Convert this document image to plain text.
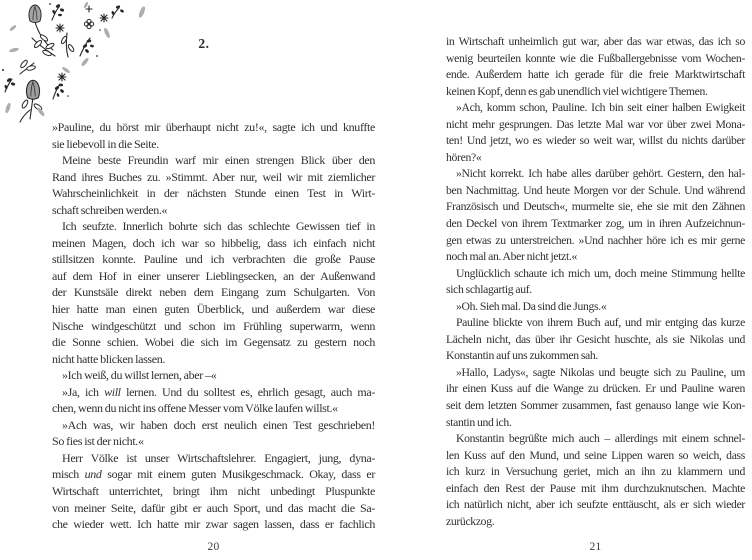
2.
»Pauline, du hörst mir überhaupt nicht zu!«, sagte ich und knuffte
sie liebevoll in die Seite.
Meine beste Freundin warf mir einen strengen Blick über den
Rand ihres Buches zu. »Stimmt. Aber nur, weil wir mit ziemlicher
Wahrscheinlichkeit in der nächsten Stunde einen Test in Wirt-
schaft schreiben werden.«
Ich seufzte. Innerlich bohrte sich das schlechte Gewissen tief in
meinen Magen, doch ich war so hibbelig, dass ich einfach nicht
stillsitzen konnte. Pauline und ich verbrachten die große Pause
auf dem Hof in einer unserer Lieblingsecken, an der Außenwand
der Kunstsäle direkt neben dem Eingang zum Schulgarten. Von
hier hatte man einen guten Überblick, und außerdem war diese
Nische windgeschützt und schon im Frühling superwarm, wenn
die Sonne schien. Wobei die sich im Gegensatz zu gestern noch
nicht hatte blicken lassen.
»Ich weiß, du willst lernen, aber –«
»Ja, ich will lernen. Und du solltest es, ehrlich gesagt, auch ma-
chen, wenn du nicht ins offene Messer vom Völke laufen willst.«
»Ach was, wir haben doch erst neulich einen Test geschrieben!
So fies ist der nicht.«
Herr Völke ist unser Wirtschaftslehrer. Engagiert, jung, dyna-
misch und sogar mit einem guten Musikgeschmack. Okay, dass er
Wirtschaft unterrichtet, bringt ihm nicht unbedingt Pluspunkte
von meiner Seite, dafür gibt er auch Sport, und das macht die Sa-
che wieder wett. Ich hatte mir zwar sagen lassen, dass er fachlich
20
in Wirtschaft unheimlich gut war, aber das war etwas, das ich so
wenig beurteilen konnte wie die Fußballergebnisse vom Wochen-
ende. Außerdem hatte ich gerade für die freie Marktwirtschaft
keinen Kopf, denn es gab unendlich viel wichtigere Themen.
»Ach, komm schon, Pauline. Ich bin seit einer halben Ewigkeit
nicht mehr gesprungen. Das letzte Mal war vor über zwei Mona-
ten! Und jetzt, wo es wieder so weit war, willst du nichts darüber
hören?«
»Nicht korrekt. Ich habe alles darüber gehört. Gestern, den hal-
ben Nachmittag. Und heute Morgen vor der Schule. Und während
Französisch und Deutsch«, murmelte sie, ehe sie mit den Zähnen
den Deckel von ihrem Textmarker zog, um in ihren Aufzeichnun-
gen etwas zu unterstreichen. »Und nachher höre ich es mir gerne
noch mal an. Aber nicht jetzt.«
Unglücklich schaute ich mich um, doch meine Stimmung hellte
sich schlagartig auf.
»Oh. Sieh mal. Da sind die Jungs.«
Pauline blickte von ihrem Buch auf, und mir entging das kurze
Lächeln nicht, das über ihr Gesicht huschte, als sie Nikolas und
Konstantin auf uns zukommen sah.
»Hallo, Ladys«, sagte Nikolas und beugte sich zu Pauline, um
ihr einen Kuss auf die Wange zu drücken. Er und Pauline waren
seit dem letzten Sommer zusammen, fast genauso lange wie Kon-
stantin und ich.
Konstantin begrüßte mich auch – allerdings mit einem schnel-
len Kuss auf den Mund, und seine Lippen waren so weich, dass
ich kurz in Versuchung geriet, mich an ihn zu klammern und
einfach den Rest der Pause mit ihm durchzuknutschen. Machte
ich natürlich nicht, aber ich seufzte enttäuscht, als er sich wieder
zurückzog.
21
